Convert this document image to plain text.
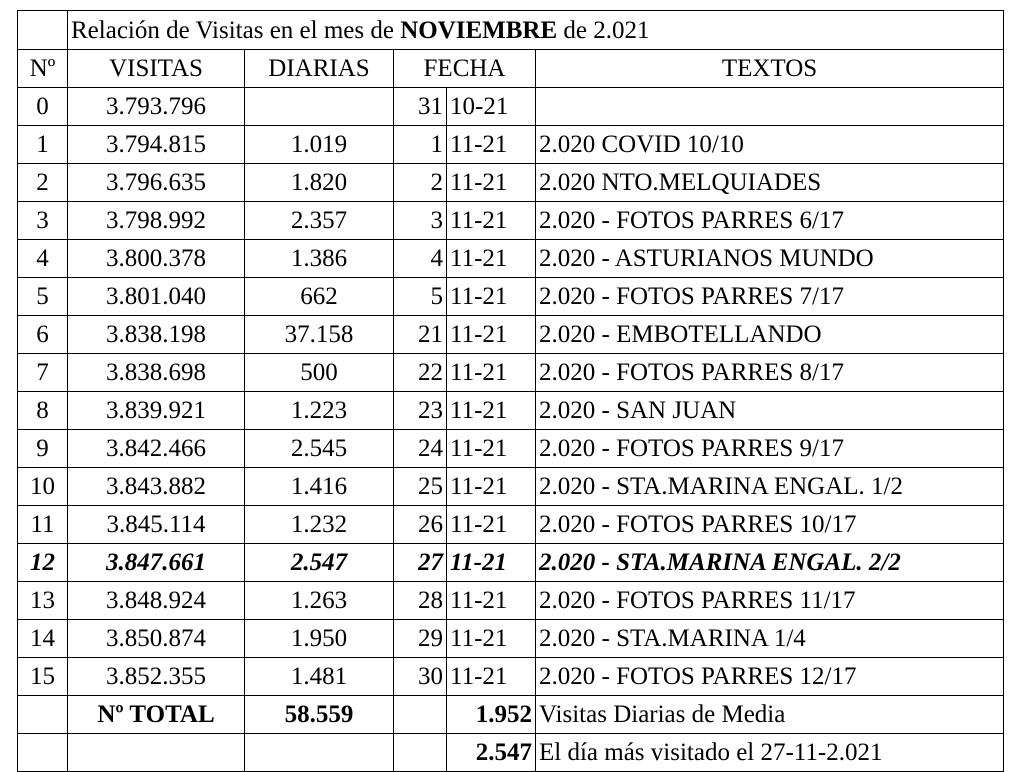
	Relación de Visitas en el mes de NOVIEMBRE de 2.021				
Nº	VISITAS	DIARIAS	FECHA		TEXTOS
0	3.793.796		31	10-21	
1	3.794.815	1.019	1	11-21	2.020 COVID 10/10
2	3.796.635	1.820	2	11-21	2.020 NTO.MELQUIADES
3	3.798.992	2.357	3	11-21	2.020 - FOTOS PARRES 6/17
4	3.800.378	1.386	4	11-21	2.020 - ASTURIANOS MUNDO
5	3.801.040	662	5	11-21	2.020 - FOTOS PARRES 7/17
6	3.838.198	37.158	21	11-21	2.020 - EMBOTELLANDO
7	3.838.698	500	22	11-21	2.020 - FOTOS PARRES 8/17
8	3.839.921	1.223	23	11-21	2.020 - SAN JUAN
9	3.842.466	2.545	24	11-21	2.020 - FOTOS PARRES 9/17
10	3.843.882	1.416	25	11-21	2.020 - STA.MARINA ENGAL. 1/2
11	3.845.114	1.232	26	11-21	2.020 - FOTOS PARRES 10/17
12	3.847.661	2.547	27	11-21	2.020 - STA.MARINA ENGAL. 2/2
13	3.848.924	1.263	28	11-21	2.020 - FOTOS PARRES 11/17
14	3.850.874	1.950	29	11-21	2.020 - STA.MARINA 1/4
15	3.852.355	1.481	30	11-21	2.020 - FOTOS PARRES 12/17
	Nº TOTAL	58.559		1.952	Visitas Diarias de Media
				2.547	El día más visitado el 27-11-2.021
